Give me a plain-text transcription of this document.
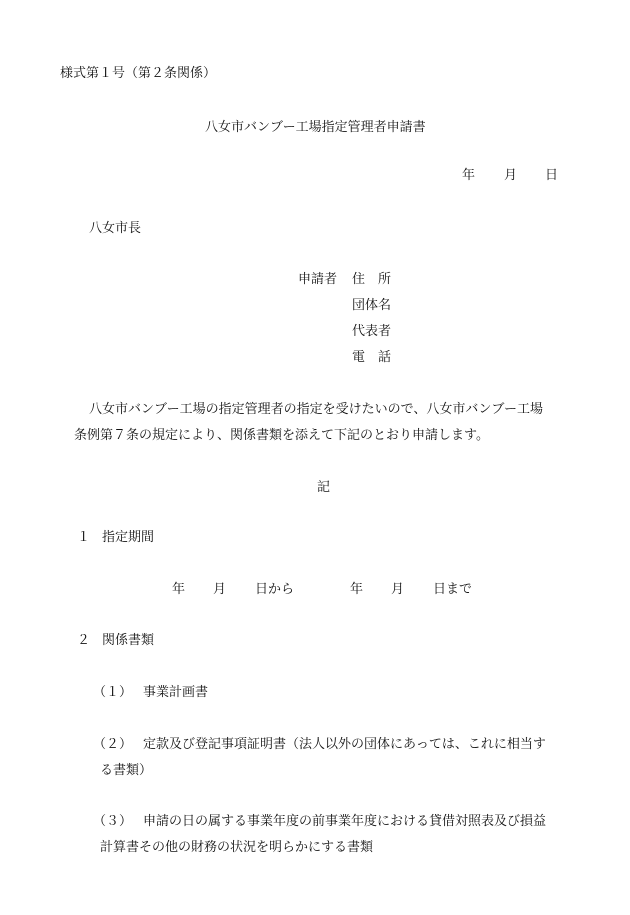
様式第１号（第２条関係）
八女市バンブー工場指定管理者申請書
年 月 日
八女市長
申請者 住　所
団体名
代表者
電　話
八女市バンブー工場の指定管理者の指定を受けたいので、八女市バンブー工場
条例第７条の規定により、関係書類を添えて下記のとおり申請します。
記
１ 指定期間
年 月 日から	年 月 日まで
２ 関係書類
（１） 事業計画書
（２） 定款及び登記事項証明書（法人以外の団体にあっては、これに相当す
る書類）
（３） 申請の日の属する事業年度の前事業年度における貸借対照表及び損益
計算書その他の財務の状況を明らかにする書類
